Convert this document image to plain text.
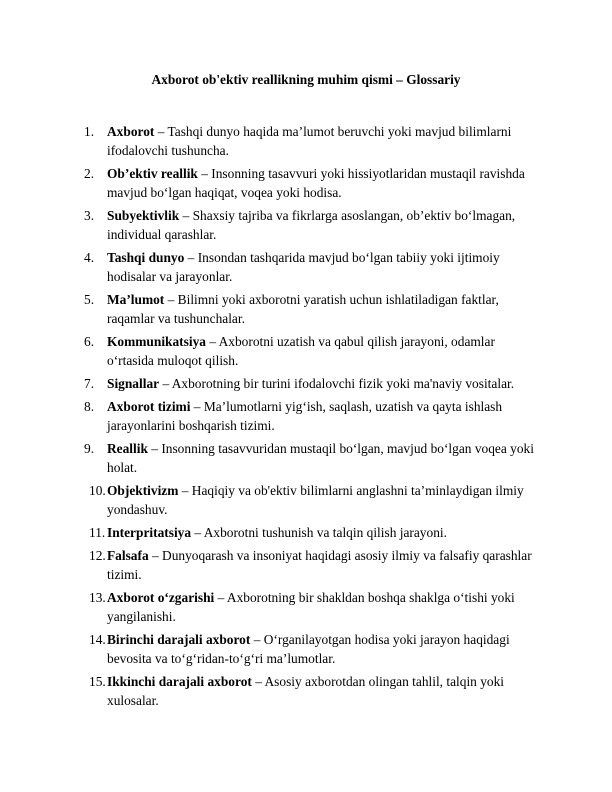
Axborot ob'ektiv reallikning muhim qismi – Glossariy
1. Axborot – Tashqi dunyo haqida ma’lumot beruvchi yoki mavjud bilimlarni ifodalovchi tushuncha.
2. Ob’ektiv reallik – Insonning tasavvuri yoki hissiyotlaridan mustaqil ravishda mavjud bo‘lgan haqiqat, voqea yoki hodisa.
3. Subyektivlik – Shaxsiy tajriba va fikrlarga asoslangan, ob’ektiv bo‘lmagan, individual qarashlar.
4. Tashqi dunyo – Insondan tashqarida mavjud bo‘lgan tabiiy yoki ijtimoiy hodisalar va jarayonlar.
5. Ma’lumot – Bilimni yoki axborotni yaratish uchun ishlatiladigan faktlar, raqamlar va tushunchalar.
6. Kommunikatsiya – Axborotni uzatish va qabul qilish jarayoni, odamlar o‘rtasida muloqot qilish.
7. Signallar – Axborotning bir turini ifodalovchi fizik yoki ma'naviy vositalar.
8. Axborot tizimi – Ma’lumotlarni yig‘ish, saqlash, uzatish va qayta ishlash jarayonlarini boshqarish tizimi.
9. Reallik – Insonning tasavvuridan mustaqil bo‘lgan, mavjud bo‘lgan voqea yoki holat.
10. Objektivizm – Haqiqiy va ob'ektiv bilimlarni anglashni ta’minlaydigan ilmiy yondashuv.
11. Interpritatsiya – Axborotni tushunish va talqin qilish jarayoni.
12. Falsafa – Dunyoqarash va insoniyat haqidagi asosiy ilmiy va falsafiy qarashlar tizimi.
13. Axborot o‘zgarishi – Axborotning bir shakldan boshqa shaklga o‘tishi yoki yangilanishi.
14. Birinchi darajali axborot – O‘rganilayotgan hodisa yoki jarayon haqidagi bevosita va to‘g‘ridan-to‘g‘ri ma’lumotlar.
15. Ikkinchi darajali axborot – Asosiy axborotdan olingan tahlil, talqin yoki xulosalar.
